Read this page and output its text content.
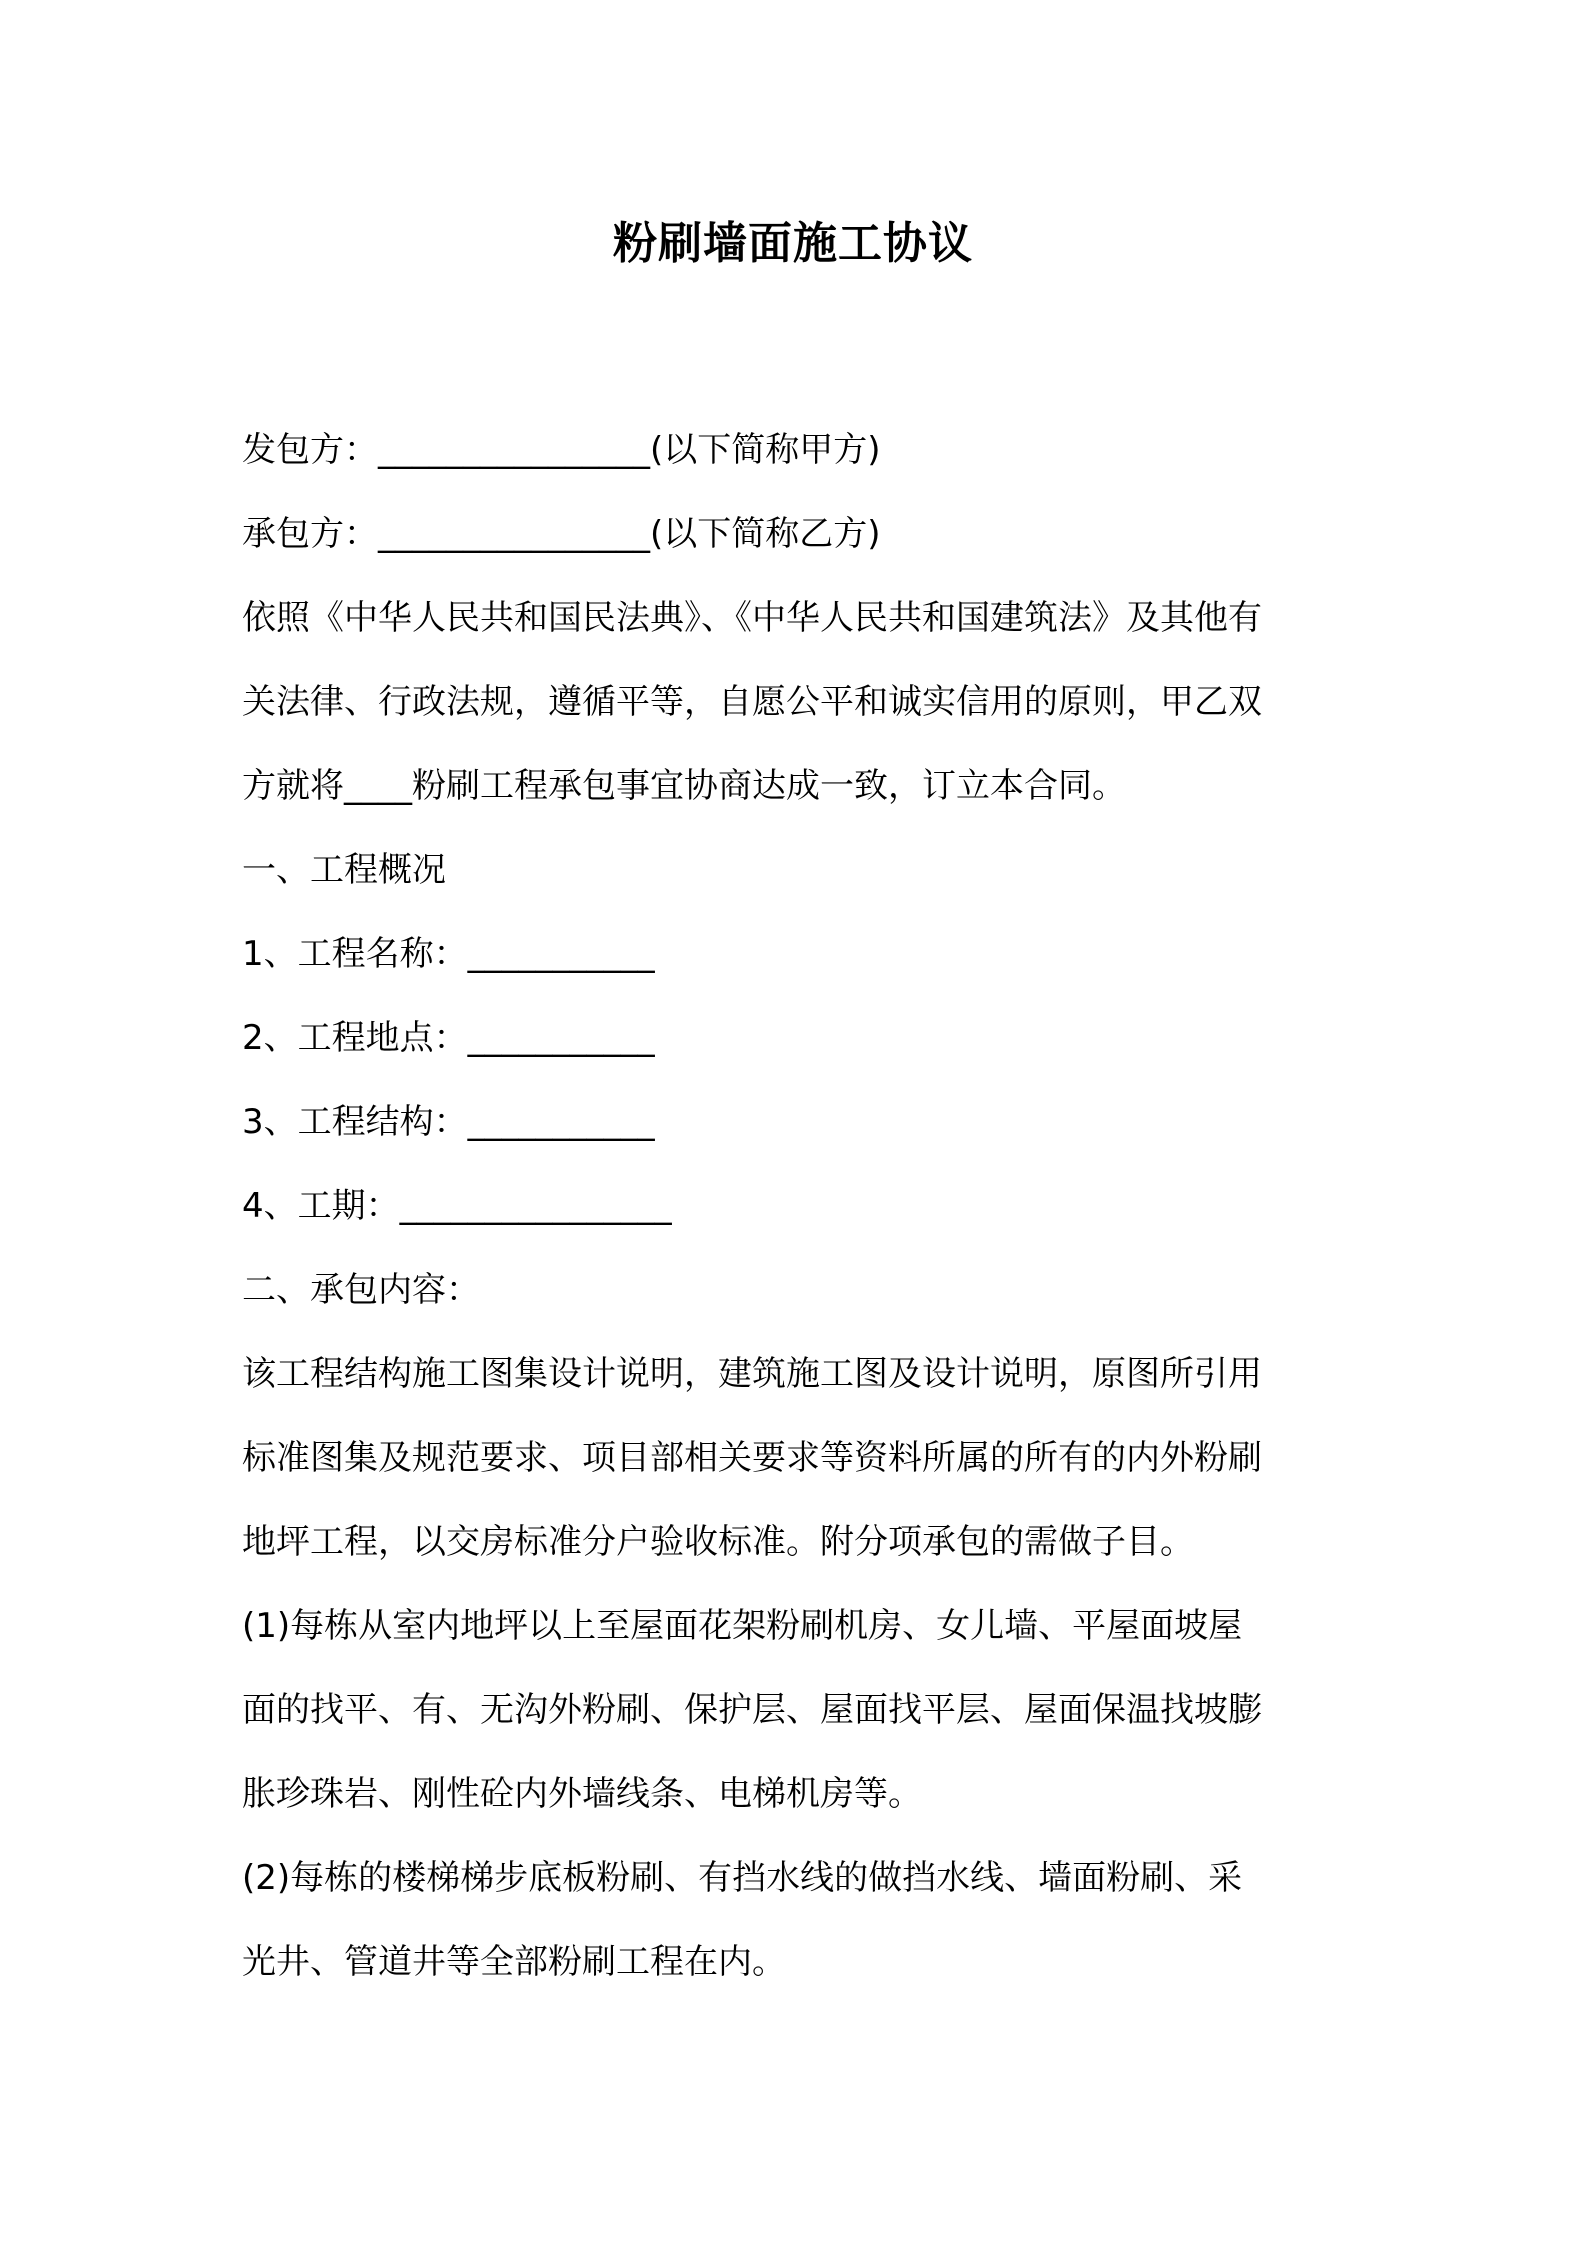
粉刷墙面施工协议
发包方：________________(以下简称甲方)
承包方：________________(以下简称乙方)
依照《中华人民共和国民法典》、《中华人民共和国建筑法》及其他有
关法律、行政法规，遵循平等，自愿公平和诚实信用的原则，甲乙双
方就将____粉刷工程承包事宜协商达成一致，订立本合同。
一、工程概况
1、工程名称：___________
2、工程地点：___________
3、工程结构：___________
4、工期：________________
二、承包内容：
该工程结构施工图集设计说明，建筑施工图及设计说明，原图所引用
标准图集及规范要求、项目部相关要求等资料所属的所有的内外粉刷
地坪工程，以交房标准分户验收标准。附分项承包的需做子目。
(1)每栋从室内地坪以上至屋面花架粉刷机房、女儿墙、平屋面坡屋
面的找平、有、无沟外粉刷、保护层、屋面找平层、屋面保温找坡膨
胀珍珠岩、刚性砼内外墙线条、电梯机房等。
(2)每栋的楼梯梯步底板粉刷、有挡水线的做挡水线、墙面粉刷、采
光井、管道井等全部粉刷工程在内。
